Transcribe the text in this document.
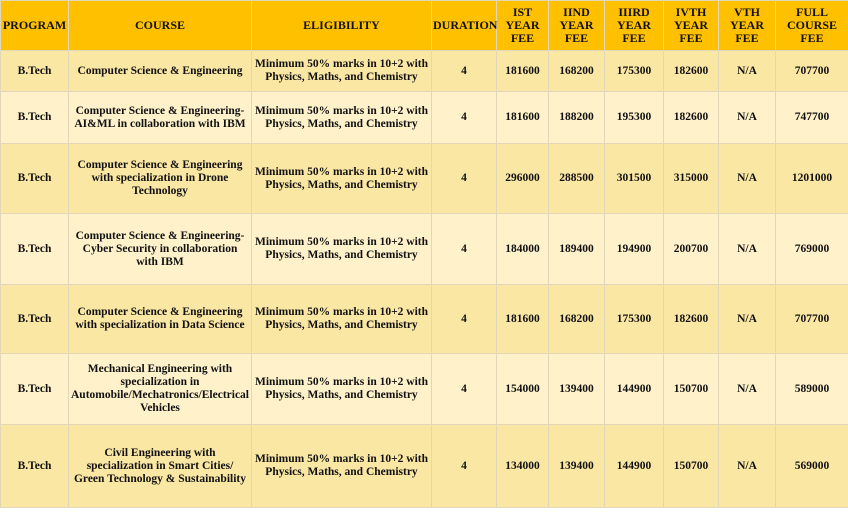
PROGRAM	COURSE	ELIGIBILITY	DURATION	IST YEAR FEE	IIND YEAR FEE	IIIRD YEAR FEE	IVTH YEAR FEE	VTH YEAR FEE	FULL COURSE FEE
B.Tech	Computer Science & Engineering	Minimum 50% marks in 10+2 with Physics, Maths, and Chemistry	4	181600	168200	175300	182600	N/A	707700
B.Tech	Computer Science & Engineering- AI&ML in collaboration with IBM	Minimum 50% marks in 10+2 with Physics, Maths, and Chemistry	4	181600	188200	195300	182600	N/A	747700
B.Tech	Computer Science & Engineering with specialization in Drone Technology	Minimum 50% marks in 10+2 with Physics, Maths, and Chemistry	4	296000	288500	301500	315000	N/A	1201000
B.Tech	Computer Science & Engineering- Cyber Security in collaboration with IBM	Minimum 50% marks in 10+2 with Physics, Maths, and Chemistry	4	184000	189400	194900	200700	N/A	769000
B.Tech	Computer Science & Engineering with specialization in Data Science	Minimum 50% marks in 10+2 with Physics, Maths, and Chemistry	4	181600	168200	175300	182600	N/A	707700
B.Tech	Mechanical Engineering with specialization in Automobile/Mechatronics/Electrical Vehicles	Minimum 50% marks in 10+2 with Physics, Maths, and Chemistry	4	154000	139400	144900	150700	N/A	589000
B.Tech	Civil Engineering with specialization in Smart Cities/ Green Technology & Sustainability	Minimum 50% marks in 10+2 with Physics, Maths, and Chemistry	4	134000	139400	144900	150700	N/A	569000
